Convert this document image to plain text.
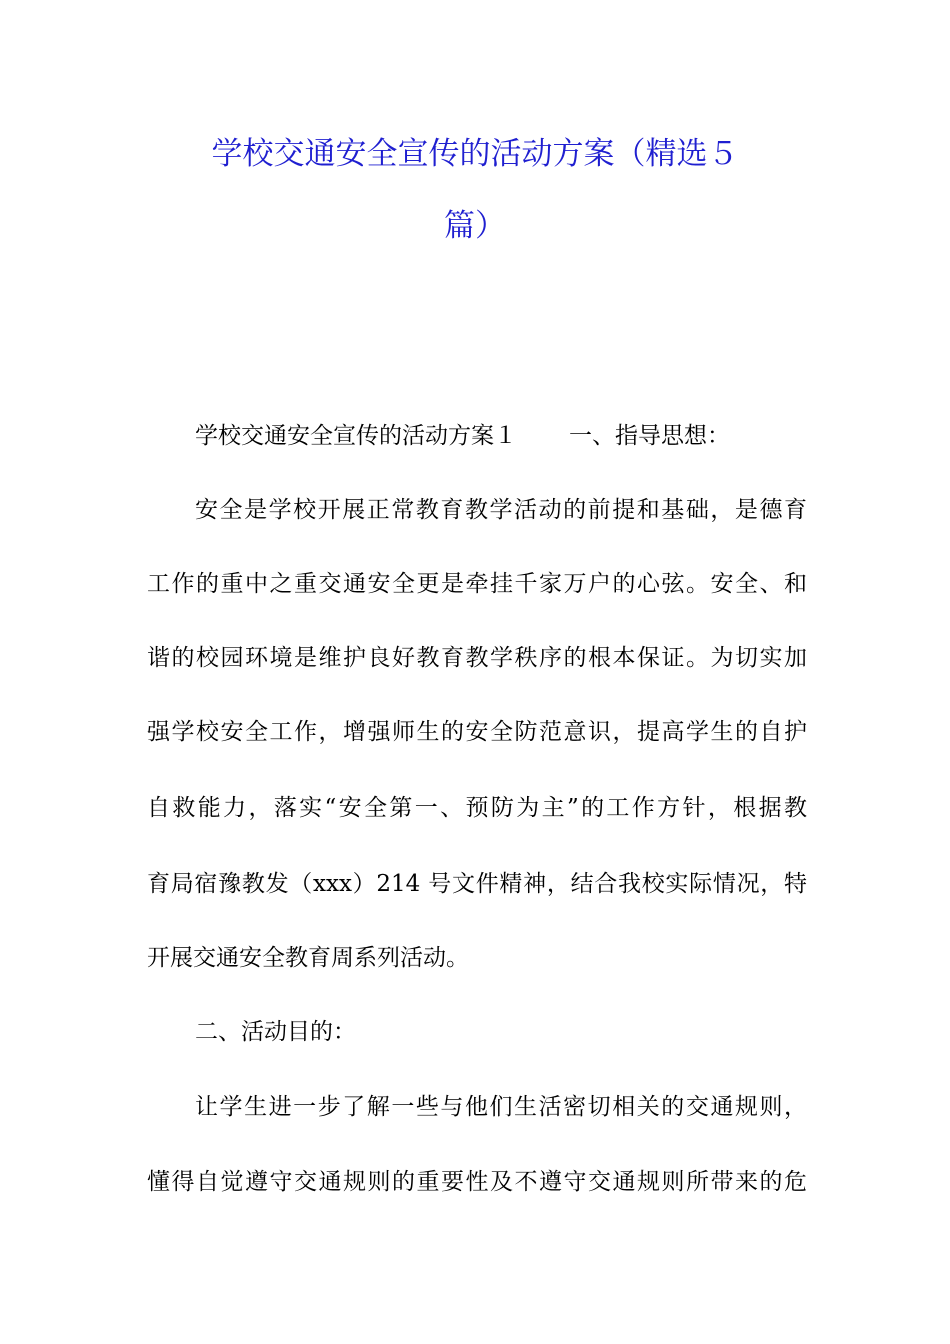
学校交通安全宣传的活动方案（精选５
篇）
学校交通安全宣传的活动方案１ 一、指导思想：
安全是学校开展正常教育教学活动的前提和基础，是德育
工作的重中之重交通安全更是牵挂千家万户的心弦。安全、和
谐的校园环境是维护良好教育教学秩序的根本保证。为切实加
强学校安全工作，增强师生的安全防范意识，提高学生的自护
自救能力，落实“安全第一、预防为主”的工作方针，根据教
育局宿豫教发（xxx）214 号文件精神，结合我校实际情况，特
开展交通安全教育周系列活动。
二、活动目的：
让学生进一步了解一些与他们生活密切相关的交通规则，
懂得自觉遵守交通规则的重要性及不遵守交通规则所带来的危
